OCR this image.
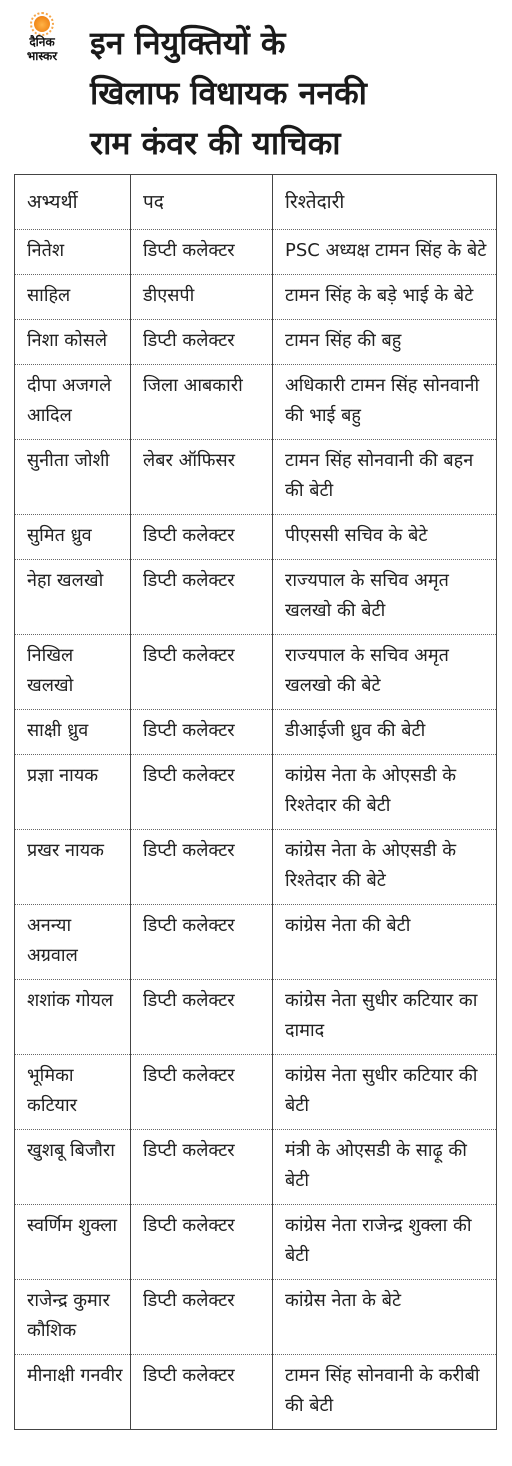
दैनिक
भास्कर इन नियुक्तियों के
खिलाफ विधायक ननकी
राम कंवर की याचिका
अभ्यर्थी	पद	रिश्तेदारी
नितेश	डिप्टी कलेक्टर	PSC अध्यक्ष टामन सिंह के बेटे
साहिल	डीएसपी	टामन सिंह के बड़े भाई के बेटे
निशा कोसले	डिप्टी कलेक्टर	टामन सिंह की बहु
दीपा अजगले आदिल	जिला आबकारी	अधिकारी टामन सिंह सोनवानी की भाई बहु
सुनीता जोशी	लेबर ऑफिसर	टामन सिंह सोनवानी की बहन की बेटी
सुमित ध्रुव	डिप्टी कलेक्टर	पीएससी सचिव के बेटे
नेहा खलखो	डिप्टी कलेक्टर	राज्यपाल के सचिव अमृत खलखो की बेटी
निखिल खलखो	डिप्टी कलेक्टर	राज्यपाल के सचिव अमृत खलखो की बेटे
साक्षी ध्रुव	डिप्टी कलेक्टर	डीआईजी ध्रुव की बेटी
प्रज्ञा नायक	डिप्टी कलेक्टर	कांग्रेस नेता के ओएसडी के रिश्तेदार की बेटी
प्रखर नायक	डिप्टी कलेक्टर	कांग्रेस नेता के ओएसडी के रिश्तेदार की बेटे
अनन्या अग्रवाल	डिप्टी कलेक्टर	कांग्रेस नेता की बेटी
शशांक गोयल	डिप्टी कलेक्टर	कांग्रेस नेता सुधीर कटियार का दामाद
भूमिका कटियार	डिप्टी कलेक्टर	कांग्रेस नेता सुधीर कटियार की बेटी
खुशबू बिजौरा	डिप्टी कलेक्टर	मंत्री के ओएसडी के साढ़ू की बेटी
स्वर्णिम शुक्ला	डिप्टी कलेक्टर	कांग्रेस नेता राजेन्द्र शुक्ला की बेटी
राजेन्द्र कुमार कौशिक	डिप्टी कलेक्टर	कांग्रेस नेता के बेटे
मीनाक्षी गनवीर	डिप्टी कलेक्टर	टामन सिंह सोनवानी के करीबी की बेटी
